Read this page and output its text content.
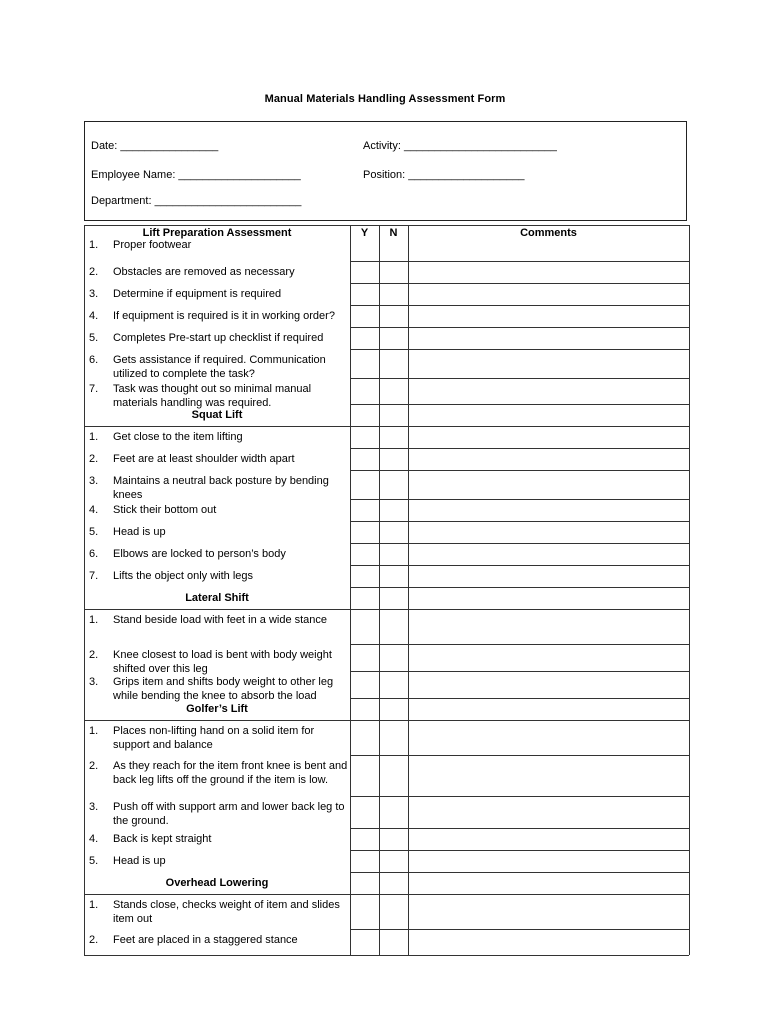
Manual Materials Handling Assessment Form
Date: ________________	Activity: _________________________
Employee Name: ____________________	Position: ___________________
Department: ________________________
Lift Preparation Assessment	Y	N	Comments
1.	Proper footwear
2.	Obstacles are removed as necessary
3.	Determine if equipment is required
4.	If equipment is required is it in working order?
5.	Completes Pre-start up checklist if required
6.	Gets assistance if required. Communication utilized to complete the task?
7.	Task was thought out so minimal manual materials handling was required.
Squat Lift
1.	Get close to the item lifting
2.	Feet are at least shoulder width apart
3.	Maintains a neutral back posture by bending knees
4.	Stick their bottom out
5.	Head is up
6.	Elbows are locked to person’s body
7.	Lifts the object only with legs
Lateral Shift
1.	Stand beside load with feet in a wide stance
2.	Knee closest to load is bent with body weight shifted over this leg
3.	Grips item and shifts body weight to other leg while bending the knee to absorb the load
Golfer’s Lift
1.	Places non-lifting hand on a solid item for support and balance
2.	As they reach for the item front knee is bent and back leg lifts off the ground if the item is low.
3.	Push off with support arm and lower back leg to the ground.
4.	Back is kept straight
5.	Head is up
Overhead Lowering
1.	Stands close, checks weight of item and slides item out
2.	Feet are placed in a staggered stance
